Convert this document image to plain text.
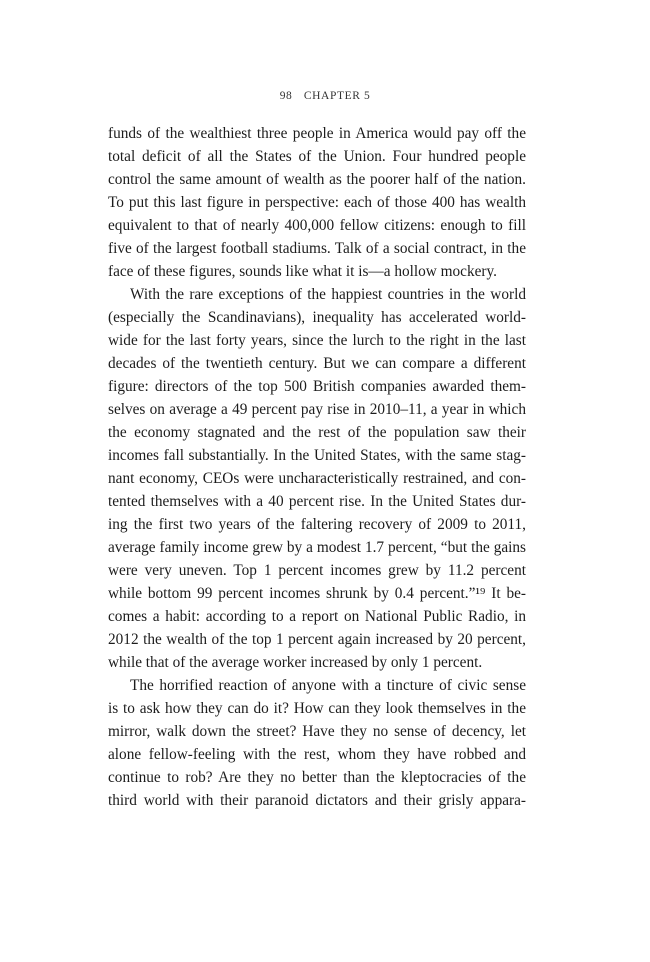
98 CHAPTER 5
funds of the wealthiest three people in America would pay off the
total deficit of all the States of the Union. Four hundred people
control the same amount of wealth as the poorer half of the nation.
To put this last figure in perspective: each of those 400 has wealth
equivalent to that of nearly 400,000 fellow citizens: enough to fill
five of the largest football stadiums. Talk of a social contract, in the
face of these figures, sounds like what it is—a hollow mockery.
With the rare exceptions of the happiest countries in the world
(especially the Scandinavians), inequality has accelerated world-
wide for the last forty years, since the lurch to the right in the last
decades of the twentieth century. But we can compare a different
figure: directors of the top 500 British companies awarded them-
selves on average a 49 percent pay rise in 2010–11, a year in which
the economy stagnated and the rest of the population saw their
incomes fall substantially. In the United States, with the same stag-
nant economy, CEOs were uncharacteristically restrained, and con-
tented themselves with a 40 percent rise. In the United States dur-
ing the first two years of the faltering recovery of 2009 to 2011,
average family income grew by a modest 1.7 percent, “but the gains
were very uneven. Top 1 percent incomes grew by 11.2 percent
while bottom 99 percent incomes shrunk by 0.4 percent.”¹⁹ It be-
comes a habit: according to a report on National Public Radio, in
2012 the wealth of the top 1 percent again increased by 20 percent,
while that of the average worker increased by only 1 percent.
The horrified reaction of anyone with a tincture of civic sense
is to ask how they can do it? How can they look themselves in the
mirror, walk down the street? Have they no sense of decency, let
alone fellow-feeling with the rest, whom they have robbed and
continue to rob? Are they no better than the kleptocracies of the
third world with their paranoid dictators and their grisly appara-
